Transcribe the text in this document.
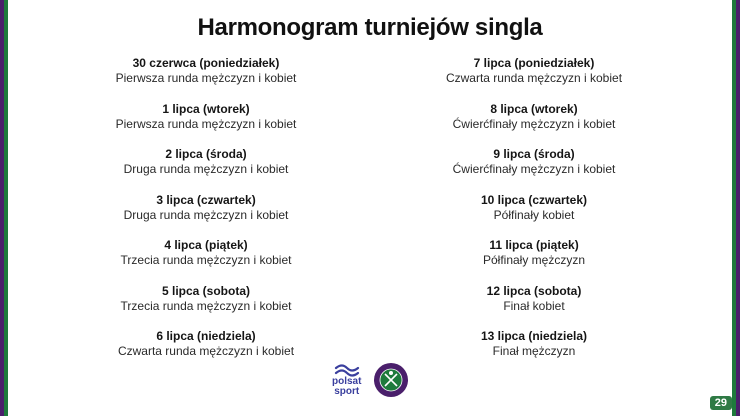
Harmonogram turniejów singla
30 czerwca (poniedziałek)
Pierwsza runda mężczyzn i kobiet
1 lipca (wtorek)
Pierwsza runda mężczyzn i kobiet
2 lipca (środa)
Druga runda mężczyzn i kobiet
3 lipca (czwartek)
Druga runda mężczyzn i kobiet
4 lipca (piątek)
Trzecia runda mężczyzn i kobiet
5 lipca (sobota)
Trzecia runda mężczyzn i kobiet
6 lipca (niedziela)
Czwarta runda mężczyzn i kobiet
7 lipca (poniedziałek)
Czwarta runda mężczyzn i kobiet
8 lipca (wtorek)
Ćwierćfinały mężczyzn i kobiet
9 lipca (środa)
Ćwierćfinały mężczyzn i kobiet
10 lipca (czwartek)
Półfinały kobiet
11 lipca (piątek)
Półfinały mężczyzn
12 lipca (sobota)
Finał kobiet
13 lipca (niedziela)
Finał mężczyzn
polsat
sport
29
